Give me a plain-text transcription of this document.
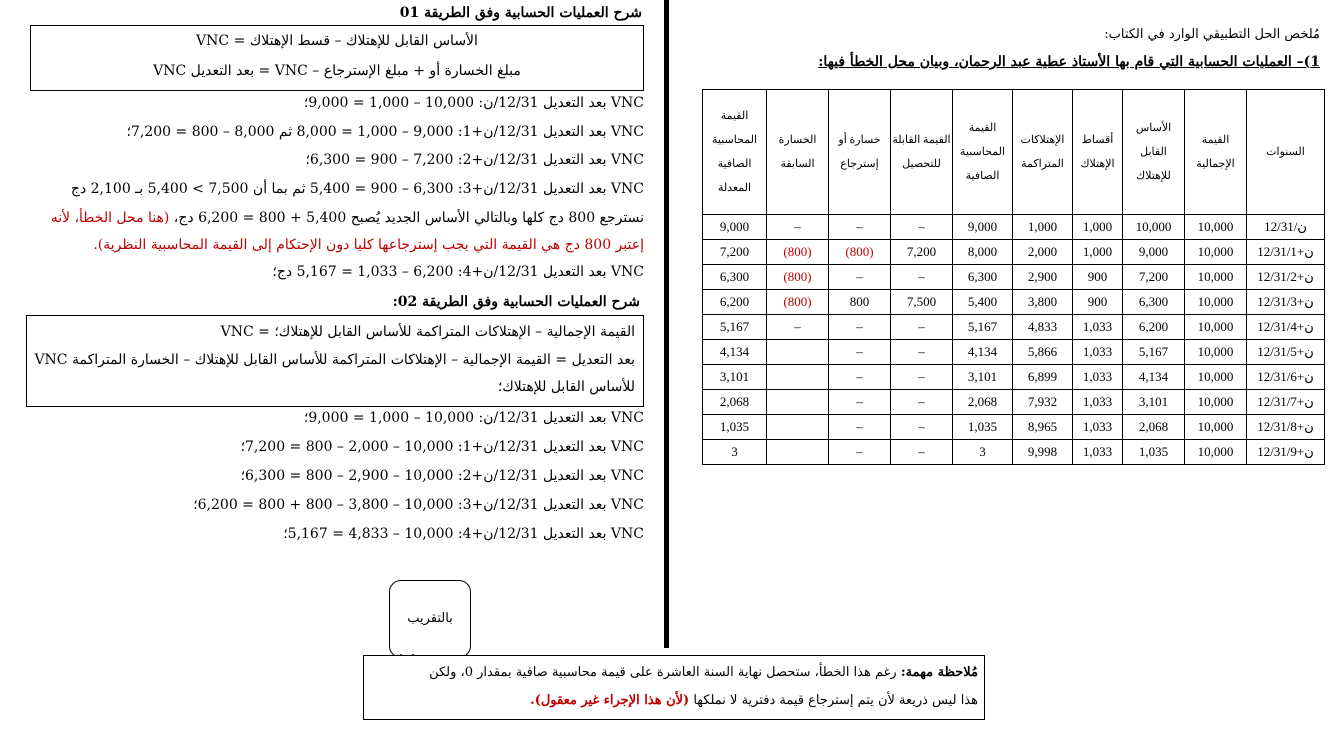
مُلخص الحل التطبيقي الوارد في الكتاب:
1)– العمليات الحسابية التي قام بها الأستاذ عطية عبد الرحمان، وبيان محل الخطأ فيها:
السنوات	القيمة الإجمالية	الأساس القابل للإهتلاك	أقساط الإهتلاك	الإهتلاكات المتراكمة	القيمة المحاسبية الصافية	القيمة القابلة للتحصيل	خسارة أو إسترجاع	الخسارة السابقة	القيمة المحاسبية الصافية المعدلة
12/31/ن	10,000	10,000	1,000	1,000	9,000	–	–	–	9,000
12/31/ن+1	10,000	9,000	1,000	2,000	8,000	7,200	(800)	(800)	7,200
12/31/ن+2	10,000	7,200	900	2,900	6,300	–	–	(800)	6,300
12/31/ن+3	10,000	6,300	900	3,800	5,400	7,500	800	(800)	6,200
12/31/ن+4	10,000	6,200	1,033	4,833	5,167	–	–	–	5,167
12/31/ن+5	10,000	5,167	1,033	5,866	4,134	–	–		4,134
12/31/ن+6	10,000	4,134	1,033	6,899	3,101	–	–		3,101
12/31/ن+7	10,000	3,101	1,033	7,932	2,068	–	–		2,068
12/31/ن+8	10,000	2,068	1,033	8,965	1,035	–	–		1,035
12/31/ن+9	10,000	1,035	1,033	9,998	3	–	–		3
شرح العمليات الحسابية وفق الطريقة 01
VNC = الأساس القابل للإهتلاك – قسط الإهتلاك
VNC بعد التعديل = VNC – مبلغ الخسارة أو + مبلغ الإسترجاع
VNC بعد التعديل 12/31/ن: 10,000 – 1,000 = 9,000؛
VNC بعد التعديل 12/31/ن+1: 9,000 – 1,000 = 8,000 ثم 8,000 – 800 = 7,200؛
VNC بعد التعديل 12/31/ن+2: 7,200 – 900 = 6,300؛
VNC بعد التعديل 12/31/ن+3: 6,300 – 900 = 5,400 ثم بما أن 7,500 > 5,400 بـ 2,100 دج
نسترجع 800 دج كلها وبالتالي الأساس الجديد يُصبح 5,400 + 800 = 6,200 دج، (هنا محل الخطأ، لأنه
إعتبر 800 دج هي القيمة التي يجب إسترجاعها كليا دون الإحتكام إلى القيمة المحاسبية النظرية).
VNC بعد التعديل 12/31/ن+4: 6,200 – 1,033 = 5,167 دج؛
شرح العمليات الحسابية وفق الطريقة 02:
VNC = القيمة الإجمالية – الإهتلاكات المتراكمة للأساس القابل للإهتلاك؛
VNC بعد التعديل = القيمة الإجمالية – الإهتلاكات المتراكمة للأساس القابل للإهتلاك – الخسارة المتراكمة
للأساس القابل للإهتلاك؛
VNC بعد التعديل 12/31/ن: 10,000 – 1,000 = 9,000؛
VNC بعد التعديل 12/31/ن+1: 10,000 – 2,000 – 800 = 7,200؛
VNC بعد التعديل 12/31/ن+2: 10,000 – 2,900 – 800 = 6,300؛
VNC بعد التعديل 12/31/ن+3: 10,000 – 3,800 – 800 + 800 = 6,200؛
VNC بعد التعديل 12/31/ن+4: 10,000 – 4,833 = 5,167؛
بالتقريب
مُلاحظة مهمة: رغم هذا الخطأ، ستحصل نهاية السنة العاشرة على قيمة محاسبية صافية بمقدار 0، ولكن
هذا ليس ذريعة لأن يتم إسترجاع قيمة دفترية لا نملكها (لأن هذا الإجراء غير معقول).
